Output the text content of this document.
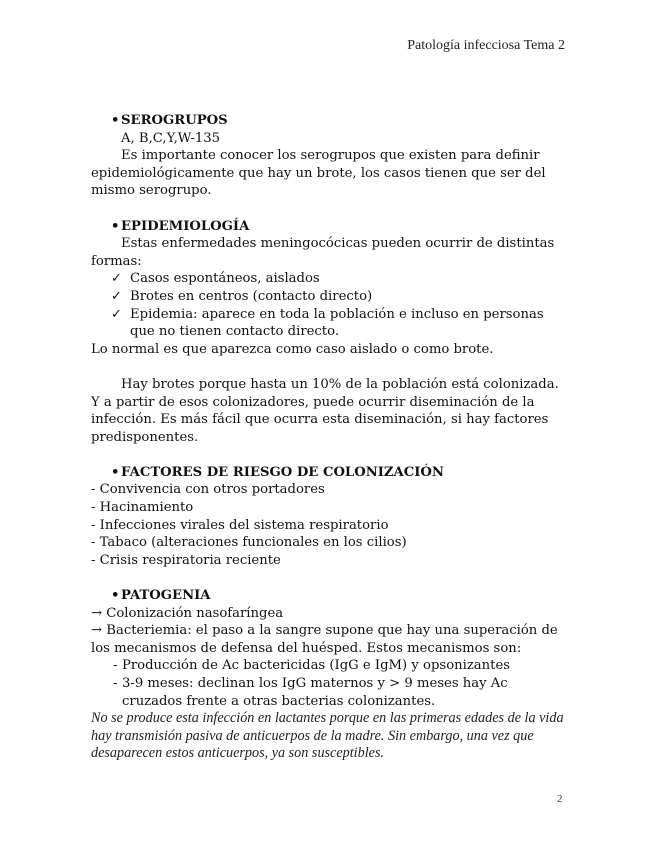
Patología infecciosa Tema 2
• SEROGRUPOS
A, B,C,Y,W-135
Es importante conocer los serogrupos que existen para definir epidemiológicamente que hay un brote, los casos tienen que ser del mismo serogrupo.
• EPIDEMIOLOGÍA
Estas enfermedades meningocócicas pueden ocurrir de distintas formas:
✓ Casos espontáneos, aislados
✓ Brotes en centros (contacto directo)
✓ Epidemia: aparece en toda la población e incluso en personas que no tienen contacto directo.
Lo normal es que aparezca como caso aislado o como brote.
Hay brotes porque hasta un 10% de la población está colonizada. Y a partir de esos colonizadores, puede ocurrir diseminación de la infección. Es más fácil que ocurra esta diseminación, si hay factores predisponentes.
• FACTORES DE RIESGO DE COLONIZACIÓN
- Convivencia con otros portadores
- Hacinamiento
- Infecciones virales del sistema respiratorio
- Tabaco (alteraciones funcionales en los cilios)
- Crisis respiratoria reciente
• PATOGENIA
→ Colonización nasofaríngea
→ Bacteriemia: el paso a la sangre supone que hay una superación de los mecanismos de defensa del huésped. Estos mecanismos son:
- Producción de Ac bactericidas (IgG e IgM) y opsonizantes
- 3-9 meses: declinan los IgG maternos y > 9 meses hay Ac cruzados frente a otras bacterias colonizantes.
No se produce esta infección en lactantes porque en las primeras edades de la vida hay transmisión pasiva de anticuerpos de la madre. Sin embargo, una vez que desaparecen estos anticuerpos, ya son susceptibles.
2
